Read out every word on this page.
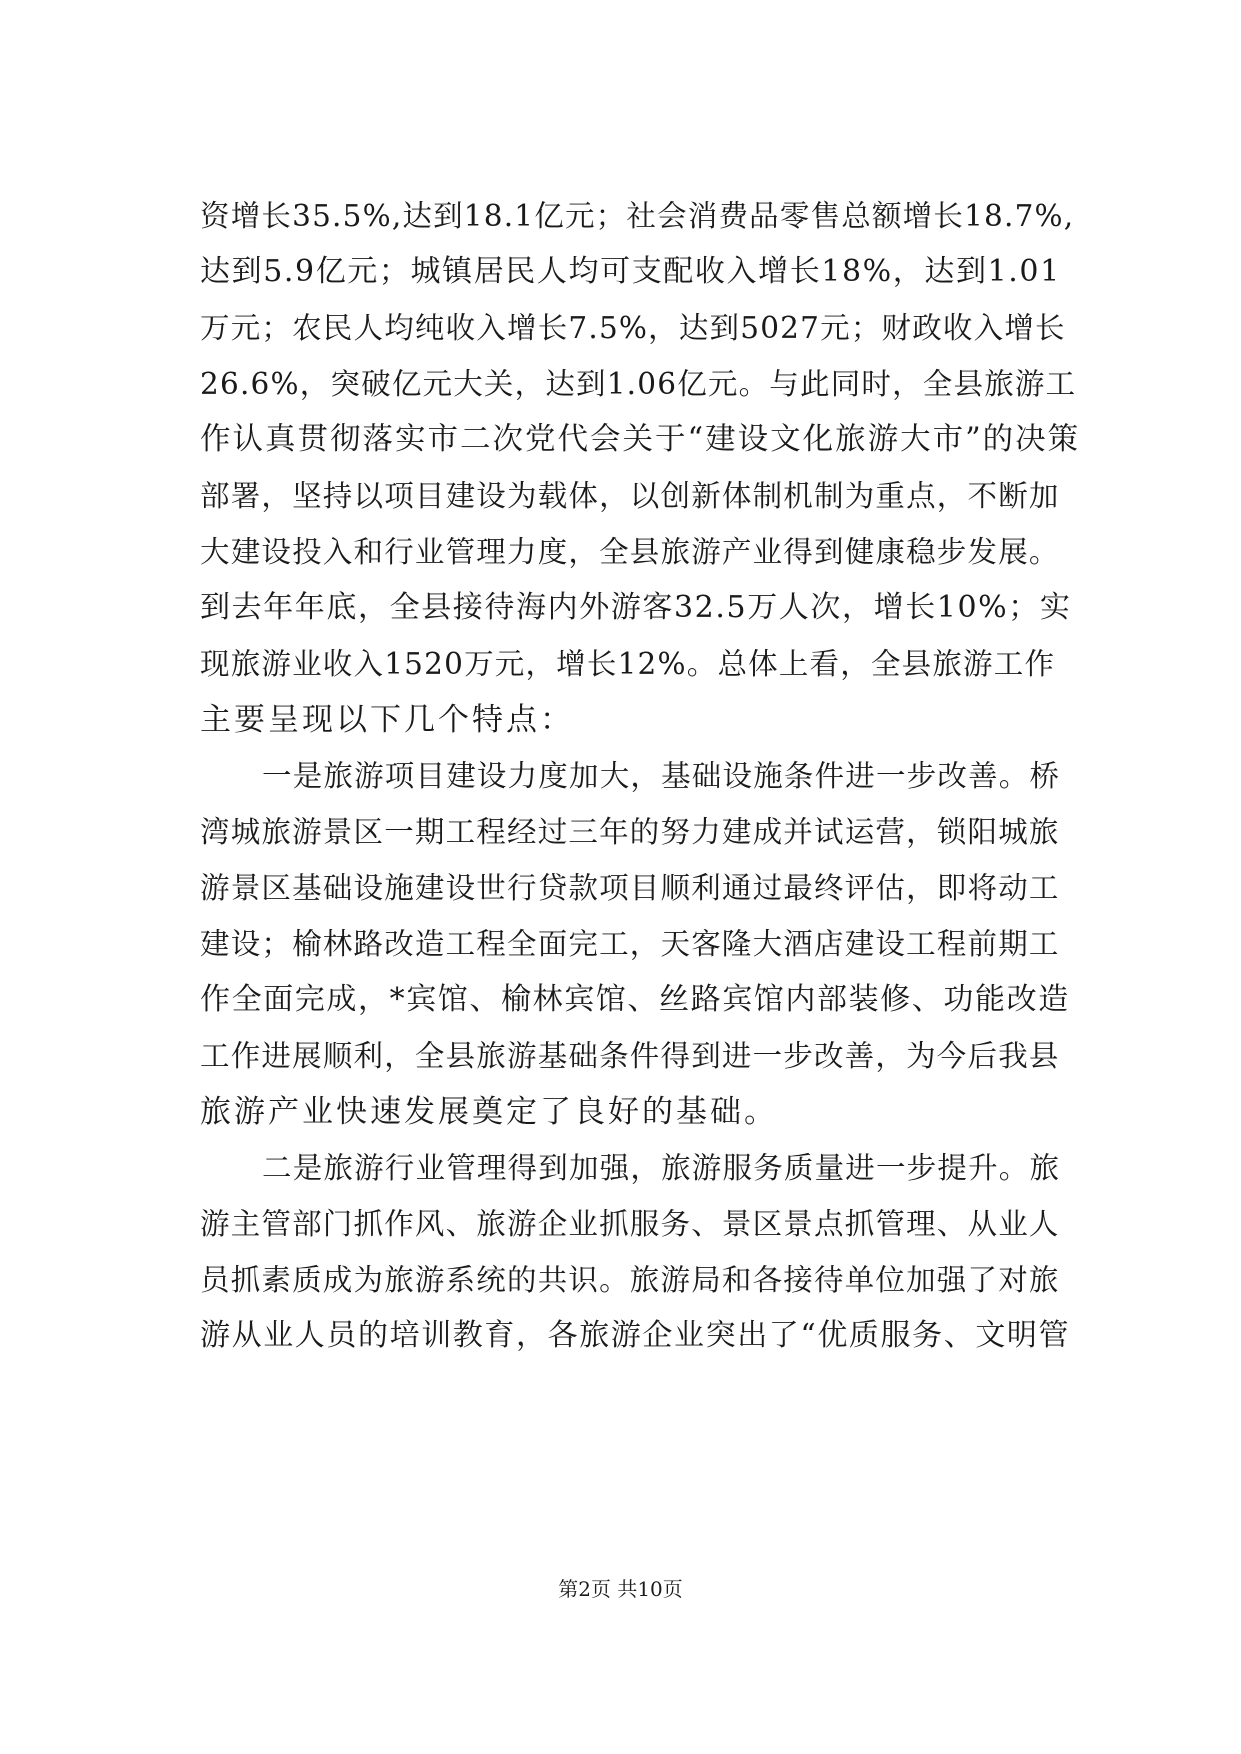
资增长35.5%,达到18.1亿元；社会消费品零售总额增长18.7%,
达到5.9亿元；城镇居民人均可支配收入增长18%，达到1.01
万元；农民人均纯收入增长7.5%，达到5027元；财政收入增长
26.6%，突破亿元大关，达到1.06亿元。与此同时，全县旅游工
作认真贯彻落实市二次党代会关于“建设文化旅游大市”的决策
部署，坚持以项目建设为载体，以创新体制机制为重点，不断加
大建设投入和行业管理力度，全县旅游产业得到健康稳步发展。
到去年年底，全县接待海内外游客32.5万人次，增长10%；实
现旅游业收入1520万元，增长12%。总体上看，全县旅游工作
主要呈现以下几个特点：
一是旅游项目建设力度加大，基础设施条件进一步改善。桥
湾城旅游景区一期工程经过三年的努力建成并试运营，锁阳城旅
游景区基础设施建设世行贷款项目顺利通过最终评估，即将动工
建设；榆林路改造工程全面完工，天客隆大酒店建设工程前期工
作全面完成，*宾馆、榆林宾馆、丝路宾馆内部装修、功能改造
工作进展顺利，全县旅游基础条件得到进一步改善，为今后我县
旅游产业快速发展奠定了良好的基础。
二是旅游行业管理得到加强，旅游服务质量进一步提升。旅
游主管部门抓作风、旅游企业抓服务、景区景点抓管理、从业人
员抓素质成为旅游系统的共识。旅游局和各接待单位加强了对旅
游从业人员的培训教育，各旅游企业突出了“优质服务、文明管
第2页 共10页
